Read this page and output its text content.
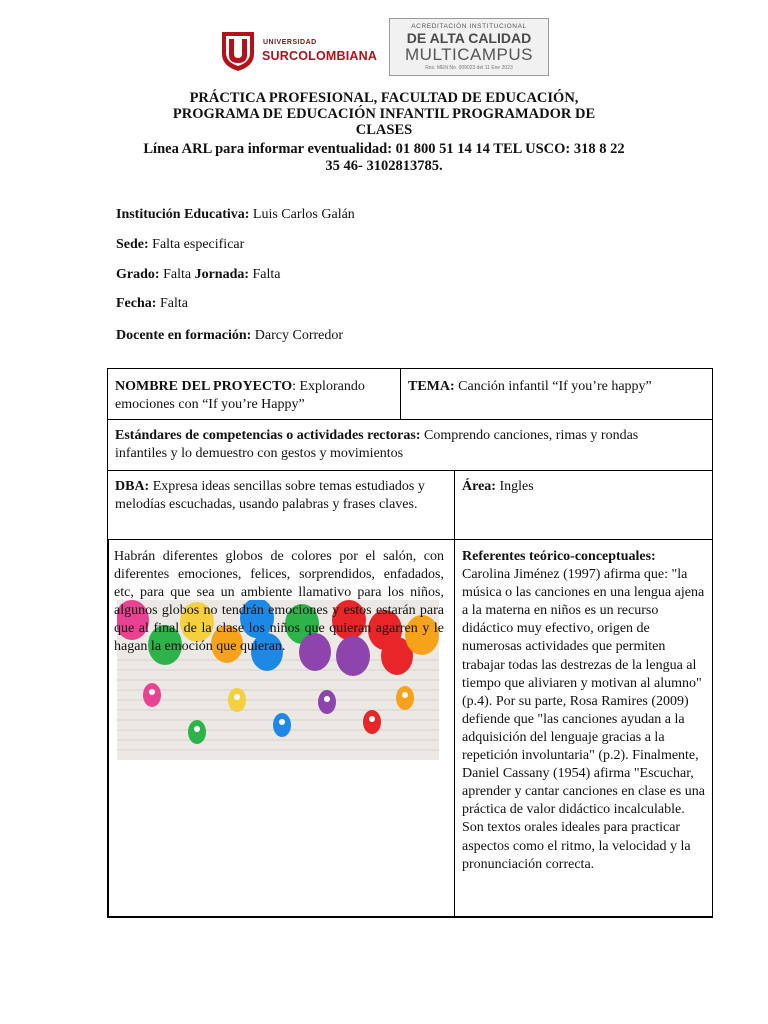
UNIVERSIDAD
SURCOLOMBIANA
ACREDITACIÓN INSTITUCIONAL
DE ALTA CALIDAD
MULTICAMPUS
Res. MEN No. 009023 del 11 Ene 2023
PRÁCTICA PROFESIONAL, FACULTAD DE EDUCACIÓN,
PROGRAMA DE EDUCACIÓN INFANTIL PROGRAMADOR DE
CLASES
Línea ARL para informar eventualidad: 01 800 51 14 14 TEL USCO: 318 8 22
35 46- 3102813785.
Institución Educativa: Luis Carlos Galán
Sede: Falta especificar
Grado: Falta Jornada: Falta
Fecha: Falta
Docente en formación: Darcy Corredor
NOMBRE DEL PROYECTO: Explorando emociones con “If you’re Happy”
TEMA: Canción infantil “If you’re happy”
Estándares de competencias o actividades rectoras: Comprendo canciones, rimas y rondas infantiles y lo demuestro con gestos y movimientos
DBA: Expresa ideas sencillas sobre temas estudiados y melodías escuchadas, usando palabras y frases claves.
Área: Ingles
Referentes teórico-conceptuales:
Carolina Jiménez (1997) afirma que: "la música o las canciones en una lengua ajena a la materna en niños es un recurso didáctico muy efectivo, origen de numerosas actividades que permiten trabajar todas las destrezas de la lengua al tiempo que aliviaren y motivan al alumno" (p.4). Por su parte, Rosa Ramires (2009) defiende que "las canciones ayudan a la adquisición del lenguaje gracias a la repetición involuntaria" (p.2). Finalmente, Daniel Cassany (1954) afirma "Escuchar, aprender y cantar canciones en clase es una práctica de valor didáctico incalculable. Son textos orales ideales para practicar aspectos como el ritmo, la velocidad y la pronunciación correcta.
Habrán diferentes globos de colores por el salón, con diferentes emociones, felices, sorprendidos, enfadados, etc, para que sea un ambiente llamativo para los niños, algunos globos no tendrán emociones y estos estarán para que al final de la clase los niños que quieran agarren y le hagan la emoción que quieran.
